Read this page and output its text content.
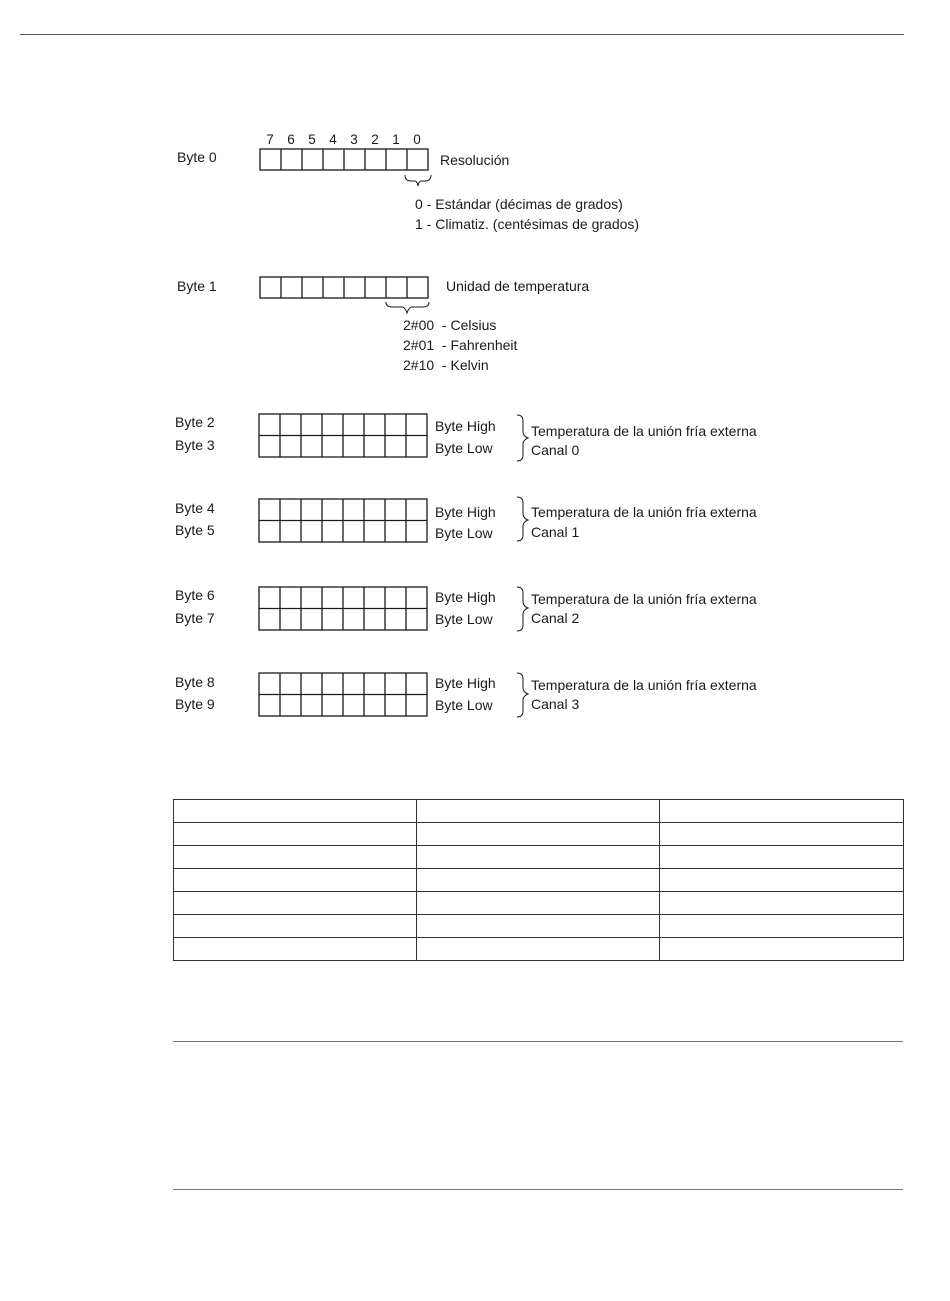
7 6 5 4 3 2 1 0
Byte 0	Resolución
0 - Estándar (décimas de grados)
1 - Climatiz. (centésimas de grados)
Byte 1	Unidad de temperatura
2#00  - Celsius
2#01  - Fahrenheit
2#10  - Kelvin
Byte 2
Byte 3
Byte High
Byte Low
Temperatura de la unión fría externa
Canal 0
Byte 4
Byte 5
Byte High
Byte Low
Temperatura de la unión fría externa
Canal 1
Byte 6
Byte 7
Byte High
Byte Low
Temperatura de la unión fría externa
Canal 2
Byte 8
Byte 9
Byte High
Byte Low
Temperatura de la unión fría externa
Canal 3
